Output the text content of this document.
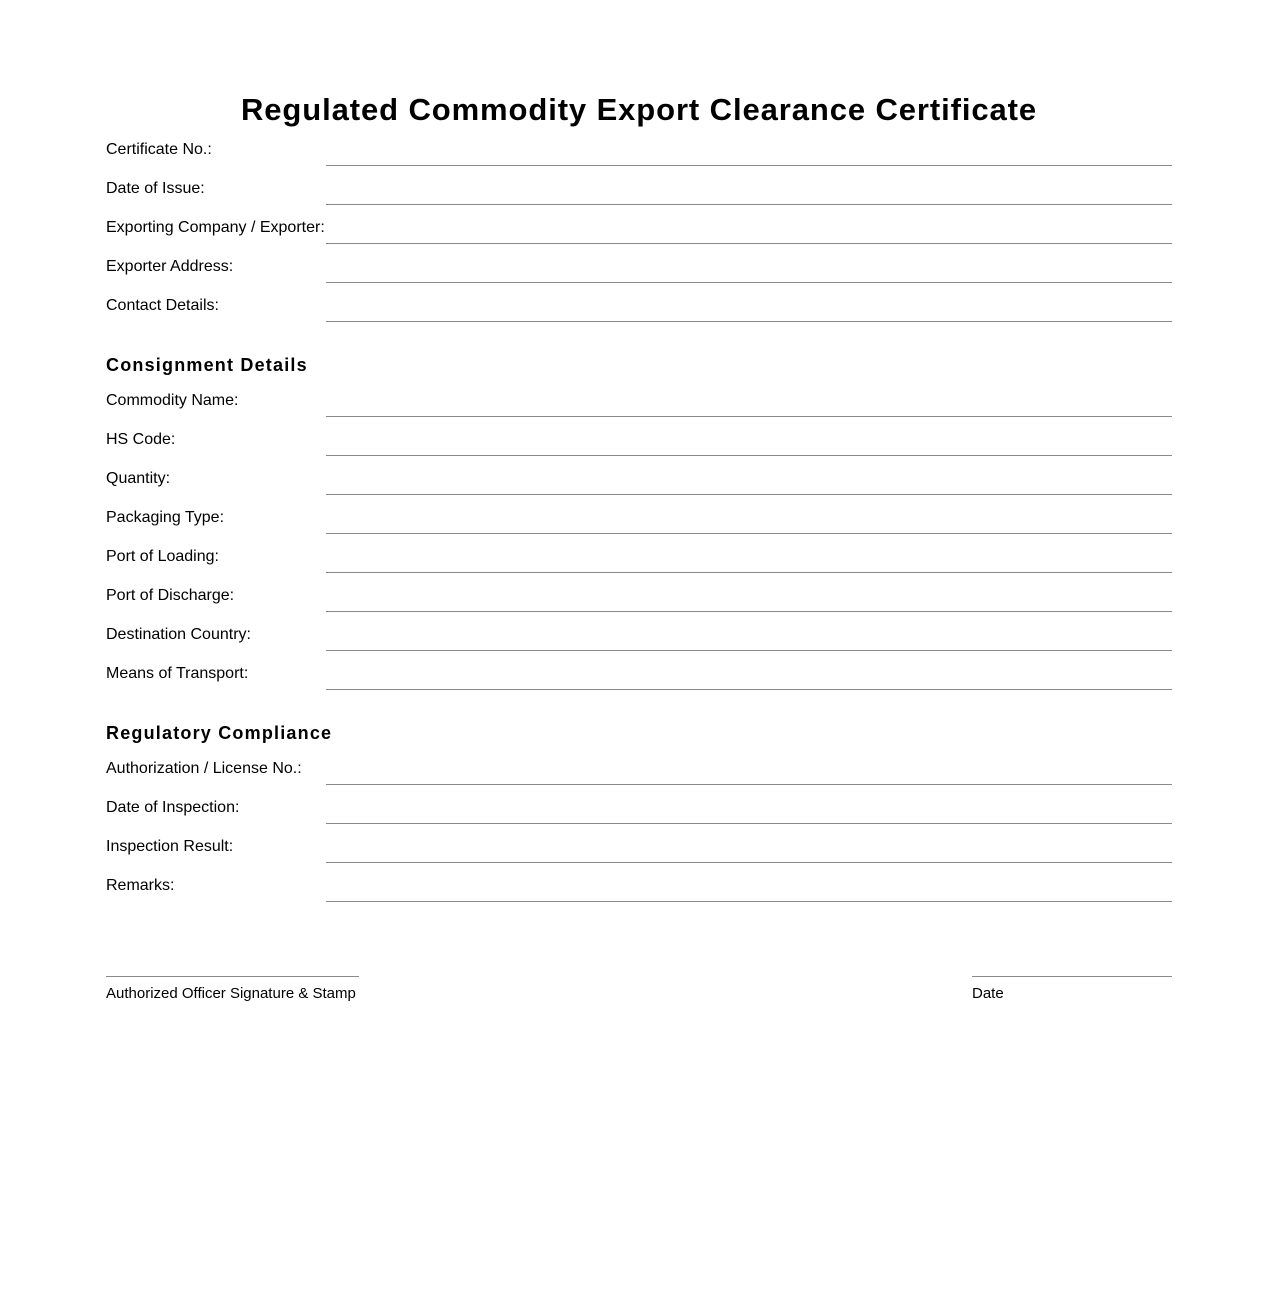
Regulated Commodity Export Clearance Certificate
Certificate No.:
Date of Issue:
Exporting Company / Exporter:
Exporter Address:
Contact Details:
Consignment Details
Commodity Name:
HS Code:
Quantity:
Packaging Type:
Port of Loading:
Port of Discharge:
Destination Country:
Means of Transport:
Regulatory Compliance
Authorization / License No.:
Date of Inspection:
Inspection Result:
Remarks:
Authorized Officer Signature & Stamp	Date
